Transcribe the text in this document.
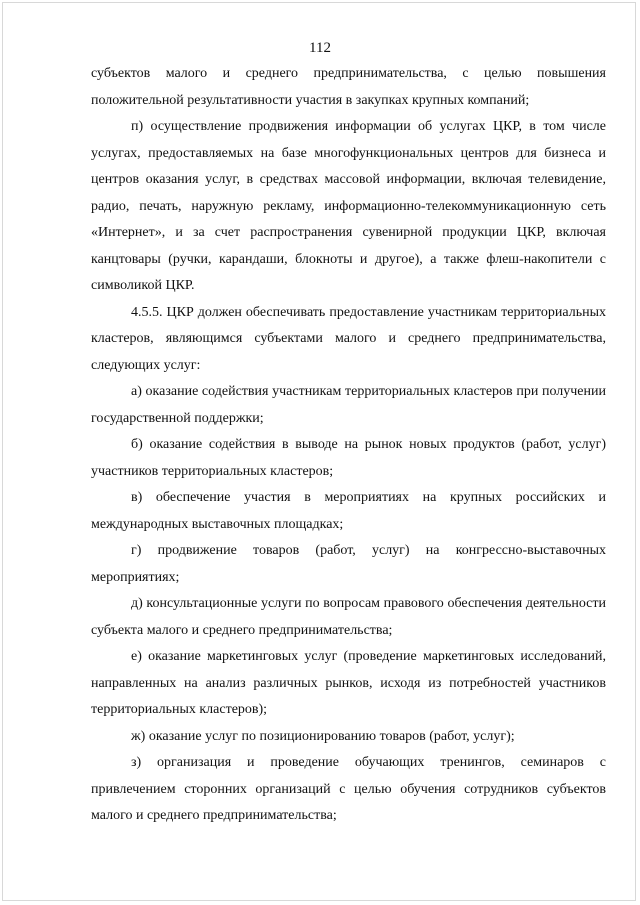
112

субъектов малого и среднего предпринимательства, с целью повышения положительной результативности участия в закупках крупных компаний;

п) осуществление продвижения информации об услугах ЦКР, в том числе услугах, предоставляемых на базе многофункциональных центров для бизнеса и центров оказания услуг, в средствах массовой информации, включая телевидение, радио, печать, наружную рекламу, информационно-телекоммуникационную сеть «Интернет», и за счет распространения сувенирной продукции ЦКР, включая канцтовары (ручки, карандаши, блокноты и другое), а также флеш-накопители с символикой ЦКР.

4.5.5. ЦКР должен обеспечивать предоставление участникам территориальных кластеров, являющимся субъектами малого и среднего предпринимательства, следующих услуг:

а) оказание содействия участникам территориальных кластеров при получении государственной поддержки;

б) оказание содействия в выводе на рынок новых продуктов (работ, услуг) участников территориальных кластеров;

в) обеспечение участия в мероприятиях на крупных российских и международных выставочных площадках;

г) продвижение товаров (работ, услуг) на конгрессно-выставочных мероприятиях;

д) консультационные услуги по вопросам правового обеспечения деятельности субъекта малого и среднего предпринимательства;

е) оказание маркетинговых услуг (проведение маркетинговых исследований, направленных на анализ различных рынков, исходя из потребностей участников территориальных кластеров);

ж) оказание услуг по позиционированию товаров (работ, услуг);

з) организация и проведение обучающих тренингов, семинаров с привлечением сторонних организаций с целью обучения сотрудников субъектов малого и среднего предпринимательства;
